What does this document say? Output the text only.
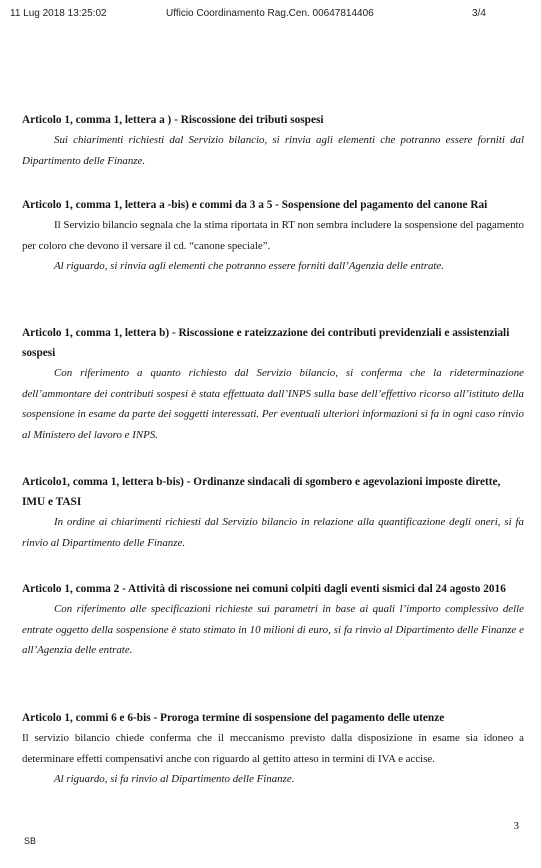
11 Lug 2018 13:25:02	Ufficio Coordinamento Rag.Cen. 00647814406	3/4

Articolo 1, comma 1, lettera a ) - Riscossione dei tributi sospesi

Sui chiarimenti richiesti dal Servizio bilancio, si rinvia agli elementi che potranno essere forniti dal Dipartimento delle Finanze.

Articolo 1, comma 1, lettera a -bis) e commi da 3 a 5 - Sospensione del pagamento del canone Rai

Il Servizio bilancio segnala che la stima riportata in RT non sembra includere la sospensione del pagamento per coloro che devono il versare il cd. “canone speciale”.

Al riguardo, si rinvia agli elementi che potranno essere forniti dall’Agenzia delle entrate.

Articolo 1, comma 1, lettera b) - Riscossione e rateizzazione dei contributi previdenziali e assistenziali sospesi

Con riferimento a quanto richiesto dal Servizio bilancio, si conferma che la rideterminazione dell’ammontare dei contributi sospesi è stata effettuata dall’INPS sulla base dell’effettivo ricorso all’istituto della sospensione in esame da parte dei soggetti interessati. Per eventuali ulteriori informazioni si fa in ogni caso rinvio al Ministero del lavoro e INPS.

Articolo1, comma 1, lettera b-bis) - Ordinanze sindacali di sgombero e agevolazioni imposte dirette, IMU e TASI

In ordine ai chiarimenti richiesti dal Servizio bilancio in relazione alla quantificazione degli oneri, si fa rinvio al Dipartimento delle Finanze.

Articolo 1, comma 2 - Attività di riscossione nei comuni colpiti dagli eventi sismici dal 24 agosto 2016

Con riferimento alle specificazioni richieste sui parametri in base ai quali l’importo complessivo delle entrate oggetto della sospensione è stato stimato in 10 milioni di euro, si fa rinvio al Dipartimento delle Finanze e all’Agenzia delle entrate.

Articolo 1, commi 6 e 6-bis - Proroga termine di sospensione del pagamento delle utenze

Il servizio bilancio chiede conferma che il meccanismo previsto dalla disposizione in esame sia idoneo a determinare effetti compensativi anche con riguardo al gettito atteso in termini di IVA e accise.

Al riguardo, si fa rinvio al Dipartimento delle Finanze.

3
SB
